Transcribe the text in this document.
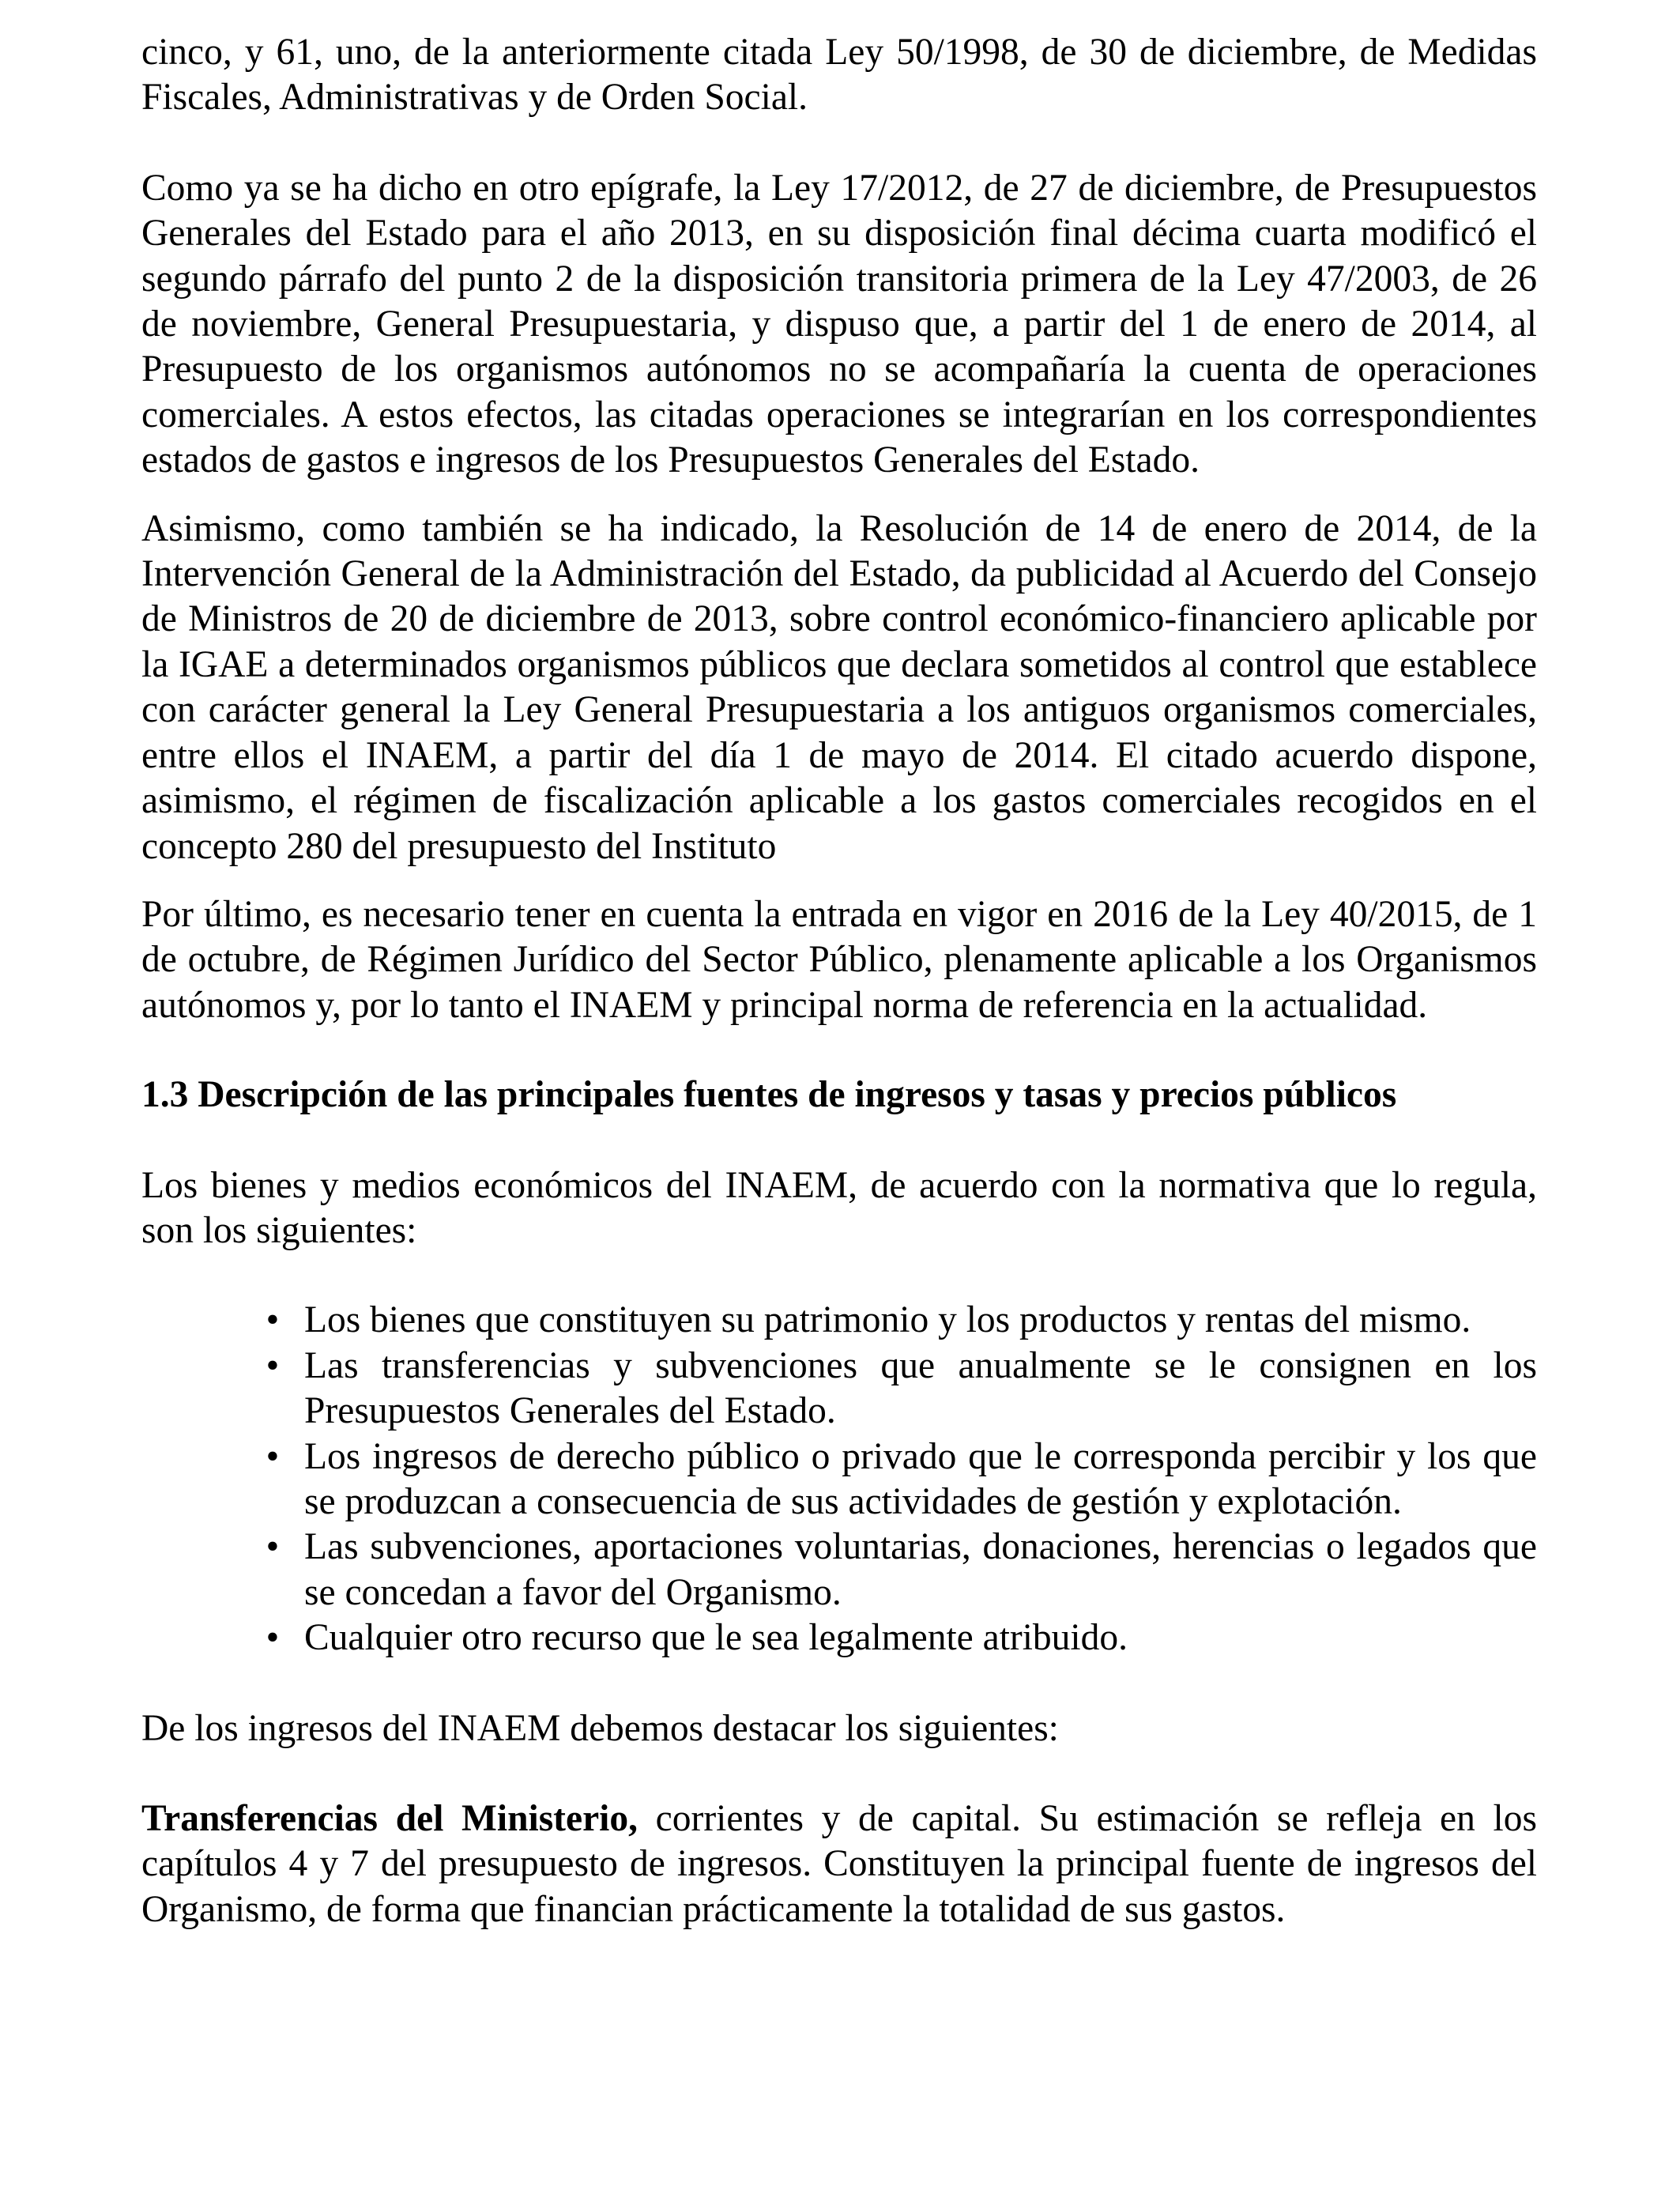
cinco, y 61, uno, de la anteriormente citada Ley 50/1998, de 30 de diciembre, de Medidas Fiscales, Administrativas y de Orden Social.

Como ya se ha dicho en otro epígrafe, la Ley 17/2012, de 27 de diciembre, de Presupuestos Generales del Estado para el año 2013, en su disposición final décima cuarta modificó el segundo párrafo del punto 2 de la disposición transitoria primera de la Ley 47/2003, de 26 de noviembre, General Presupuestaria, y dispuso que, a partir del 1 de enero de 2014, al Presupuesto de los organismos autónomos no se acompañaría la cuenta de operaciones comerciales. A estos efectos, las citadas operaciones se integrarían en los correspondientes estados de gastos e ingresos de los Presupuestos Generales del Estado.

Asimismo, como también se ha indicado, la Resolución de 14 de enero de 2014, de la Intervención General de la Administración del Estado, da publicidad al Acuerdo del Consejo de Ministros de 20 de diciembre de 2013, sobre control económico-financiero aplicable por la IGAE a determinados organismos públicos que declara sometidos al control que establece con carácter general la Ley General Presupuestaria a los antiguos organismos comerciales, entre ellos el INAEM, a partir del día 1 de mayo de 2014. El citado acuerdo dispone, asimismo, el régimen de fiscalización aplicable a los gastos comerciales recogidos en el concepto 280 del presupuesto del Instituto

Por último, es necesario tener en cuenta la entrada en vigor en 2016 de la Ley 40/2015, de 1 de octubre, de Régimen Jurídico del Sector Público, plenamente aplicable a los Organismos autónomos y, por lo tanto el INAEM y principal norma de referencia en la actualidad.

1.3 Descripción de las principales fuentes de ingresos y tasas y precios públicos

Los bienes y medios económicos del INAEM, de acuerdo con la normativa que lo regula, son los siguientes:

• Los bienes que constituyen su patrimonio y los productos y rentas del mismo.
• Las transferencias y subvenciones que anualmente se le consignen en los Presupuestos Generales del Estado.
• Los ingresos de derecho público o privado que le corresponda percibir y los que se produzcan a consecuencia de sus actividades de gestión y explotación.
• Las subvenciones, aportaciones voluntarias, donaciones, herencias o legados que se concedan a favor del Organismo.
• Cualquier otro recurso que le sea legalmente atribuido.

De los ingresos del INAEM debemos destacar los siguientes:

Transferencias del Ministerio, corrientes y de capital. Su estimación se refleja en los capítulos 4 y 7 del presupuesto de ingresos. Constituyen la principal fuente de ingresos del Organismo, de forma que financian prácticamente la totalidad de sus gastos.
